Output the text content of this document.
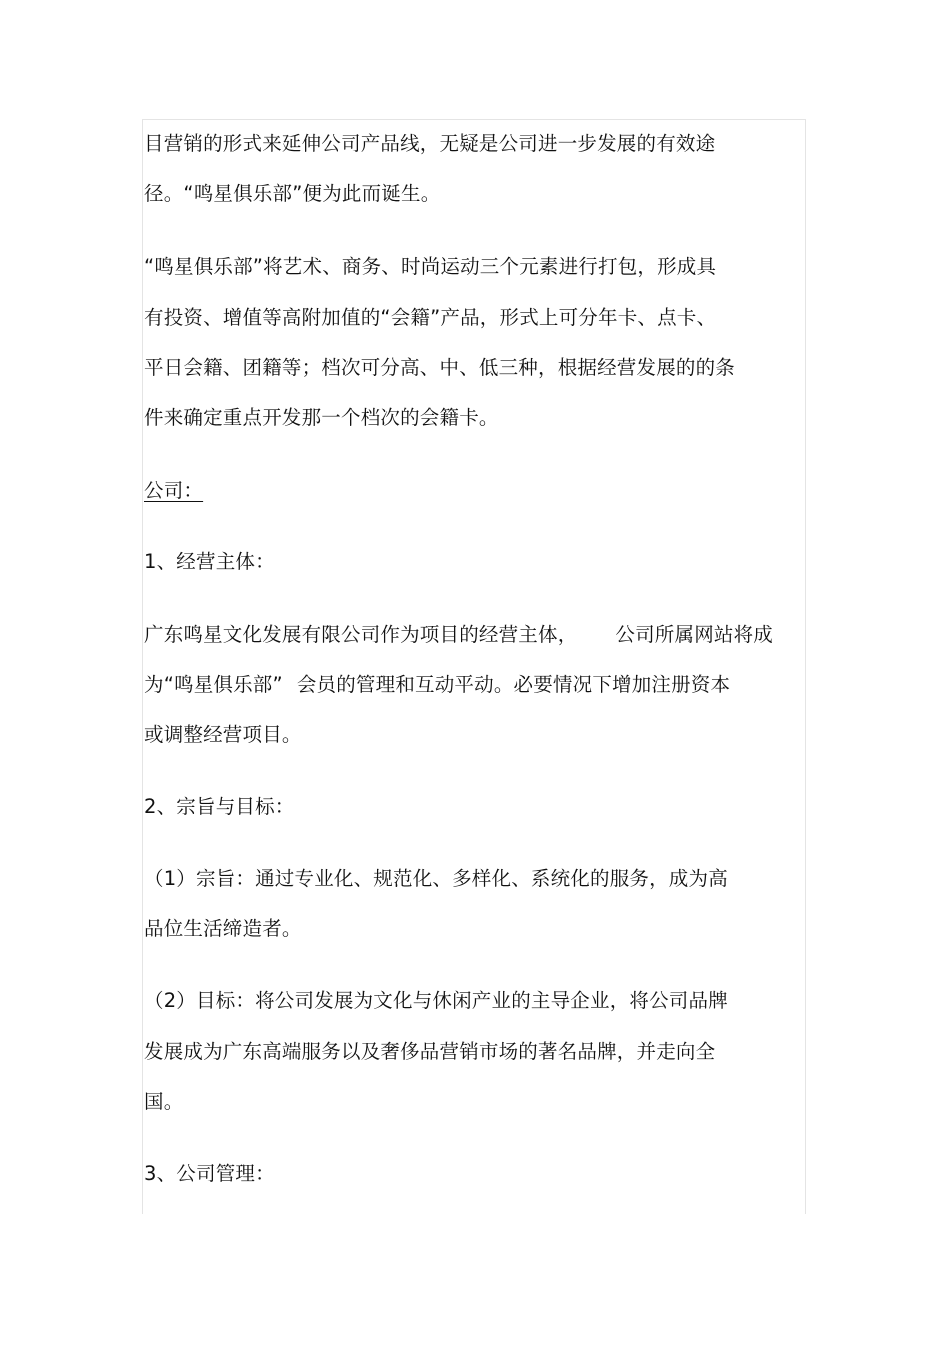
目营销的形式来延伸公司产品线，无疑是公司进一步发展的有效途
径。“鸣星俱乐部”便为此而诞生。
“鸣星俱乐部”将艺术、商务、时尚运动三个元素进行打包，形成具
有投资、增值等高附加值的“会籍”产品，形式上可分年卡、点卡、
平日会籍、团籍等；档次可分高、中、低三种，根据经营发展的的条
件来确定重点开发那一个档次的会籍卡。
公司：
1、经营主体：
广东鸣星文化发展有限公司作为项目的经营主体， 公司所属网站将成
为“鸣星俱乐部” 会员的管理和互动平动。必要情况下增加注册资本
或调整经营项目。
2、宗旨与目标：
（1）宗旨：通过专业化、规范化、多样化、系统化的服务，成为高
品位生活缔造者。
（2）目标：将公司发展为文化与休闲产业的主导企业，将公司品牌
发展成为广东高端服务以及奢侈品营销市场的著名品牌，并走向全
国。
3、公司管理：
